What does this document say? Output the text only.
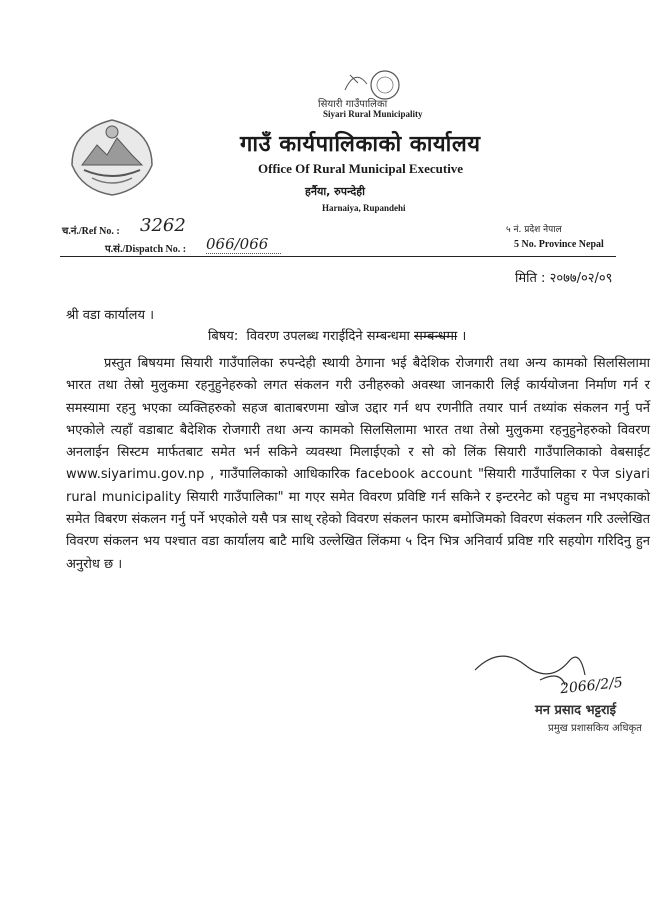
सियारी गाउँपालिका
Siyari Rural Municipality
गाउँ कार्यपालिकाको कार्यालय
Office Of Rural Municipal Executive
हर्नैया, रुपन्देही
Harnaiya, Rupandehi
च.नं./Ref No. : 3262
प.सं./Dispatch No. : 066/066
५ नं. प्रदेश नेपाल
5 No. Province Nepal
मिति : २०७७/०२/०९
श्री वडा कार्यालय ।
बिषय: विवरण उपलब्ध गराईदिने सम्बन्धमा सम्बन्धमा ।

प्रस्तुत बिषयमा सियारी गाउँपालिका रुपन्देही स्थायी ठेगाना भई बैदेशिक रोजगारी तथा अन्य कामको सिलसिलामा भारत तथा तेस्रो मुलुकमा रहनुहुनेहरुको लगत संकलन गरी उनीहरुको अवस्था जानकारी लिई कार्ययोजना निर्माण गर्न र समस्यामा रहनु भएका व्यक्तिहरुको सहज बाताबरणमा खोज उद्दार गर्न थप रणनीति तयार पार्न तथ्यांक संकलन गर्नु पर्ने भएकोले त्यहाँ वडाबाट बैदेशिक रोजगारी तथा अन्य कामको सिलसिलामा भारत तथा तेस्रो मुलुकमा रहनुहुनेहरुको विवरण अनलाईन सिस्टम मार्फतबाट समेत भर्न सकिने व्यवस्था मिलाईएको र सो को लिंक सियारी गाउँपालिकाको वेबसाईट www.siyarimu.gov.np , गाउँपालिकाको आधिकारिक facebook account "सियारी गाउँपालिका र पेज siyari rural municipality सियारी गाउँपालिका" मा गएर समेत विवरण प्रविष्टि गर्न सकिने र इन्टरनेट को पहुच मा नभएकाको समेत विबरण संकलन गर्नु पर्ने भएकोले यसै पत्र साथ् रहेको विवरण संकलन फारम बमोजिमको विवरण संकलन गरि उल्लेखित विवरण संकलन भय पश्चात वडा कार्यालय बाटै माथि उल्लेखित लिंकमा ५ दिन भित्र अनिवार्य प्रविष्ट गरि सहयोग गरिदिनु हुन अनुरोध छ ।

2066/2/5
मन प्रसाद भट्टराई
प्रमुख प्रशासकिय अधिकृत
